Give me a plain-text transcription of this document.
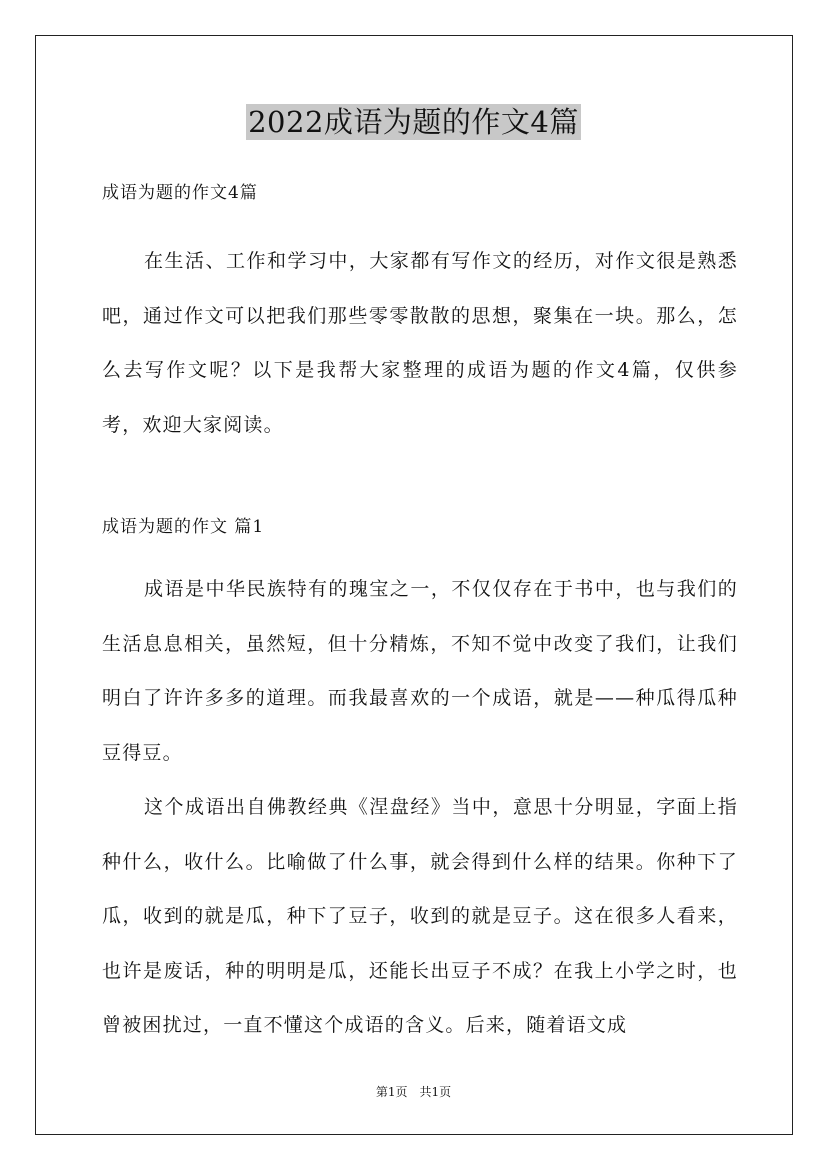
2022成语为题的作文4篇
成语为题的作文4篇

在生活、工作和学习中，大家都有写作文的经历，对作文很是熟悉吧，通过作文可以把我们那些零零散散的思想，聚集在一块。那么，怎么去写作文呢？以下是我帮大家整理的成语为题的作文4篇，仅供参考，欢迎大家阅读。

成语为题的作文 篇1

成语是中华民族特有的瑰宝之一，不仅仅存在于书中，也与我们的生活息息相关，虽然短，但十分精炼，不知不觉中改变了我们，让我们明白了许许多多的道理。而我最喜欢的一个成语，就是——种瓜得瓜种豆得豆。

这个成语出自佛教经典《涅盘经》当中，意思十分明显，字面上指种什么，收什么。比喻做了什么事，就会得到什么样的结果。你种下了瓜，收到的就是瓜，种下了豆子，收到的就是豆子。这在很多人看来，也许是废话，种的明明是瓜，还能长出豆子不成？在我上小学之时，也曾被困扰过，一直不懂这个成语的含义。后来，随着语文成

第1页　共1页
